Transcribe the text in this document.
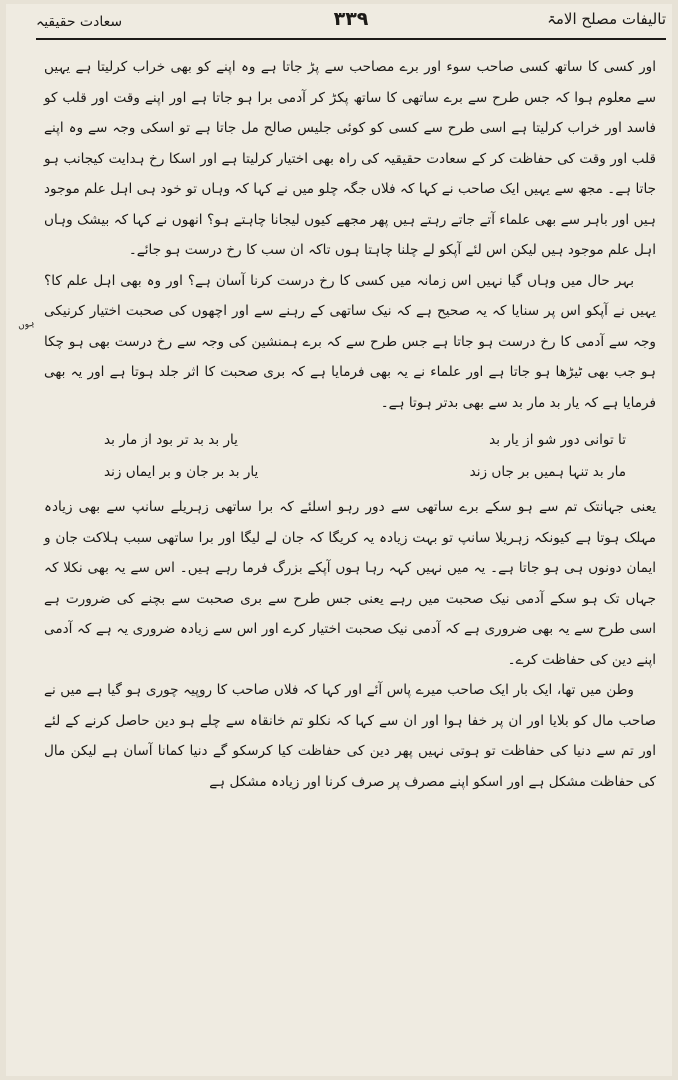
تالیفات مصلح الامۃ
۳۳۹
سعادت حقیقیہ
ہوں

اور کسی کا ساتھ کسی صاحب سوء اور برے مصاحب سے پڑ جاتا ہے وہ اپنے کو بھی خراب کرلیتا ہے یہیں سے معلوم ہوا کہ جس طرح سے برے ساتھی کا ساتھ پکڑ کر آدمی برا ہو جاتا ہے اور اپنے وقت اور قلب کو فاسد اور خراب کرلیتا ہے اسی طرح سے کسی کو کوئی جلیس صالح مل جاتا ہے تو اسکی وجہ سے وہ اپنے قلب اور وقت کی حفاظت کر کے سعادت حقیقیہ کی راہ بھی اختیار کرلیتا ہے اور اسکا رخ ہدایت کیجانب ہو جاتا ہے۔ مجھ سے یہیں ایک صاحب نے کہا کہ فلاں جگہ چلو میں نے کہا کہ وہاں تو خود ہی اہل علم موجود ہیں اور باہر سے بھی علماء آتے جاتے رہتے ہیں پھر مجھے کیوں لیجانا چاہتے ہو؟ انھوں نے کہا کہ بیشک وہاں اہل علم موجود ہیں لیکن اس لئے آپکو لے چلنا چاہتا ہوں تاکہ ان سب کا رخ درست ہو جائے۔

بہر حال میں وہاں گیا نہیں اس زمانہ میں کسی کا رخ درست کرنا آسان ہے؟ اور وہ بھی اہل علم کا؟ یہیں نے آپکو اس پر سنایا کہ یہ صحیح ہے کہ نیک ساتھی کے رہنے سے اور اچھوں کی صحبت اختیار کرنیکی وجہ سے آدمی کا رخ درست ہو جاتا ہے جس طرح سے کہ برے ہمنشین کی وجہ سے رخ درست بھی ہو چکا ہو جب بھی ٹیڑھا ہو جاتا ہے اور علماء نے یہ بھی فرمایا ہے کہ بری صحبت کا اثر جلد ہوتا ہے اور یہ بھی فرمایا ہے کہ یار بد مار بد سے بھی بدتر ہوتا ہے۔

تا توانی دور شو از یار بد
یار بد بد تر بود از مار بد
مار بد تنہا ہمیں بر جاں زند
یار بد بر جان و بر ایماں زند

یعنی جہانتک تم سے ہو سکے برے ساتھی سے دور رہو اسلئے کہ برا ساتھی زہریلے سانپ سے بھی زیادہ مہلک ہوتا ہے کیونکہ زہریلا سانپ تو بہت زیادہ یہ کریگا کہ جان لے لیگا اور برا ساتھی سبب ہلاکت جان و ایمان دونوں ہی ہو جاتا ہے۔ یہ میں نہیں کہہ رہا ہوں آپکے بزرگ فرما رہے ہیں۔ اس سے یہ بھی نکلا کہ جہاں تک ہو سکے آدمی نیک صحبت میں رہے یعنی جس طرح سے بری صحبت سے بچنے کی ضرورت ہے اسی طرح سے یہ بھی ضروری ہے کہ آدمی نیک صحبت اختیار کرے اور اس سے زیادہ ضروری یہ ہے کہ آدمی اپنے دین کی حفاظت کرے۔

وطن میں تھا، ایک بار ایک صاحب میرے پاس آئے اور کہا کہ فلاں صاحب کا روپیہ چوری ہو گیا ہے میں نے صاحب مال کو بلایا اور ان پر خفا ہوا اور ان سے کہا کہ نکلو تم خانقاہ سے چلے ہو دین حاصل کرنے کے لئے اور تم سے دنیا کی حفاظت تو ہوتی نہیں پھر دین کی حفاظت کیا کرسکو گے دنیا کمانا آسان ہے لیکن مال کی حفاظت مشکل ہے اور اسکو اپنے مصرف پر صرف کرنا اور زیادہ مشکل ہے
